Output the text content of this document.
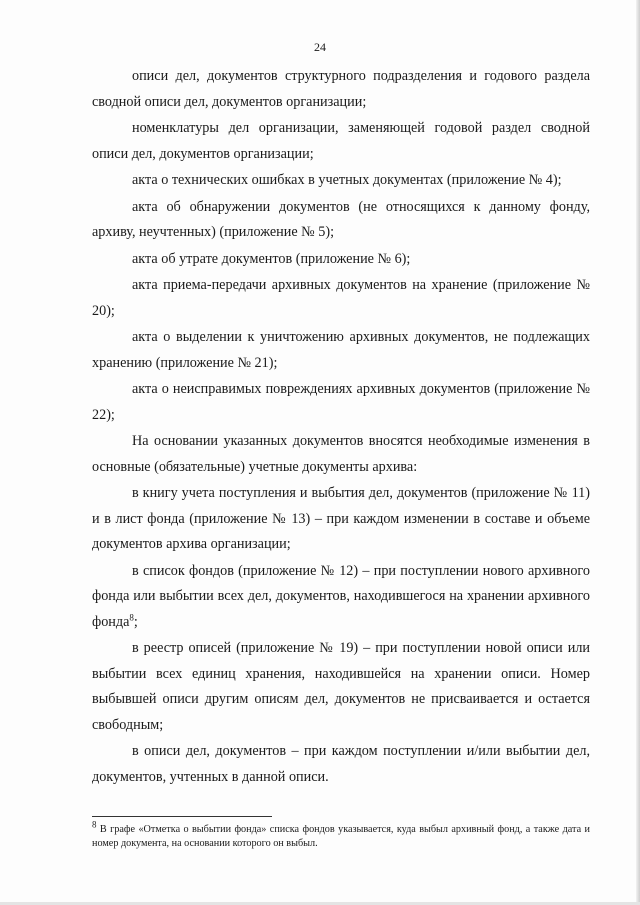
24

описи дел, документов структурного подразделения и годового раздела сводной описи дел, документов организации;

номенклатуры дел организации, заменяющей годовой раздел сводной описи дел, документов организации;

акта о технических ошибках в учетных документах (приложение № 4);

акта об обнаружении документов (не относящихся к данному фонду, архиву, неучтенных) (приложение № 5);

акта об утрате документов (приложение № 6);

акта приема-передачи архивных документов на хранение (приложение № 20);

акта о выделении к уничтожению архивных документов, не подлежащих хранению (приложение № 21);

акта о неисправимых повреждениях архивных документов (приложение № 22);

На основании указанных документов вносятся необходимые изменения в основные (обязательные) учетные документы архива:

в книгу учета поступления и выбытия дел, документов (приложение № 11) и в лист фонда (приложение № 13) – при каждом изменении в составе и объеме документов архива организации;

в список фондов (приложение № 12) – при поступлении нового архивного фонда или выбытии всех дел, документов, находившегося на хранении архивного фонда$^8$;

в реестр описей (приложение № 19) – при поступлении новой описи или выбытии всех единиц хранения, находившейся на хранении описи. Номер выбывшей описи другим описям дел, документов не присваивается и остается свободным;

в описи дел, документов – при каждом поступлении и/или выбытии дел, документов, учтенных в данной описи.

$^8$ В графе «Отметка о выбытии фонда» списка фондов указывается, куда выбыл архивный фонд, а также дата и номер документа, на основании которого он выбыл.
